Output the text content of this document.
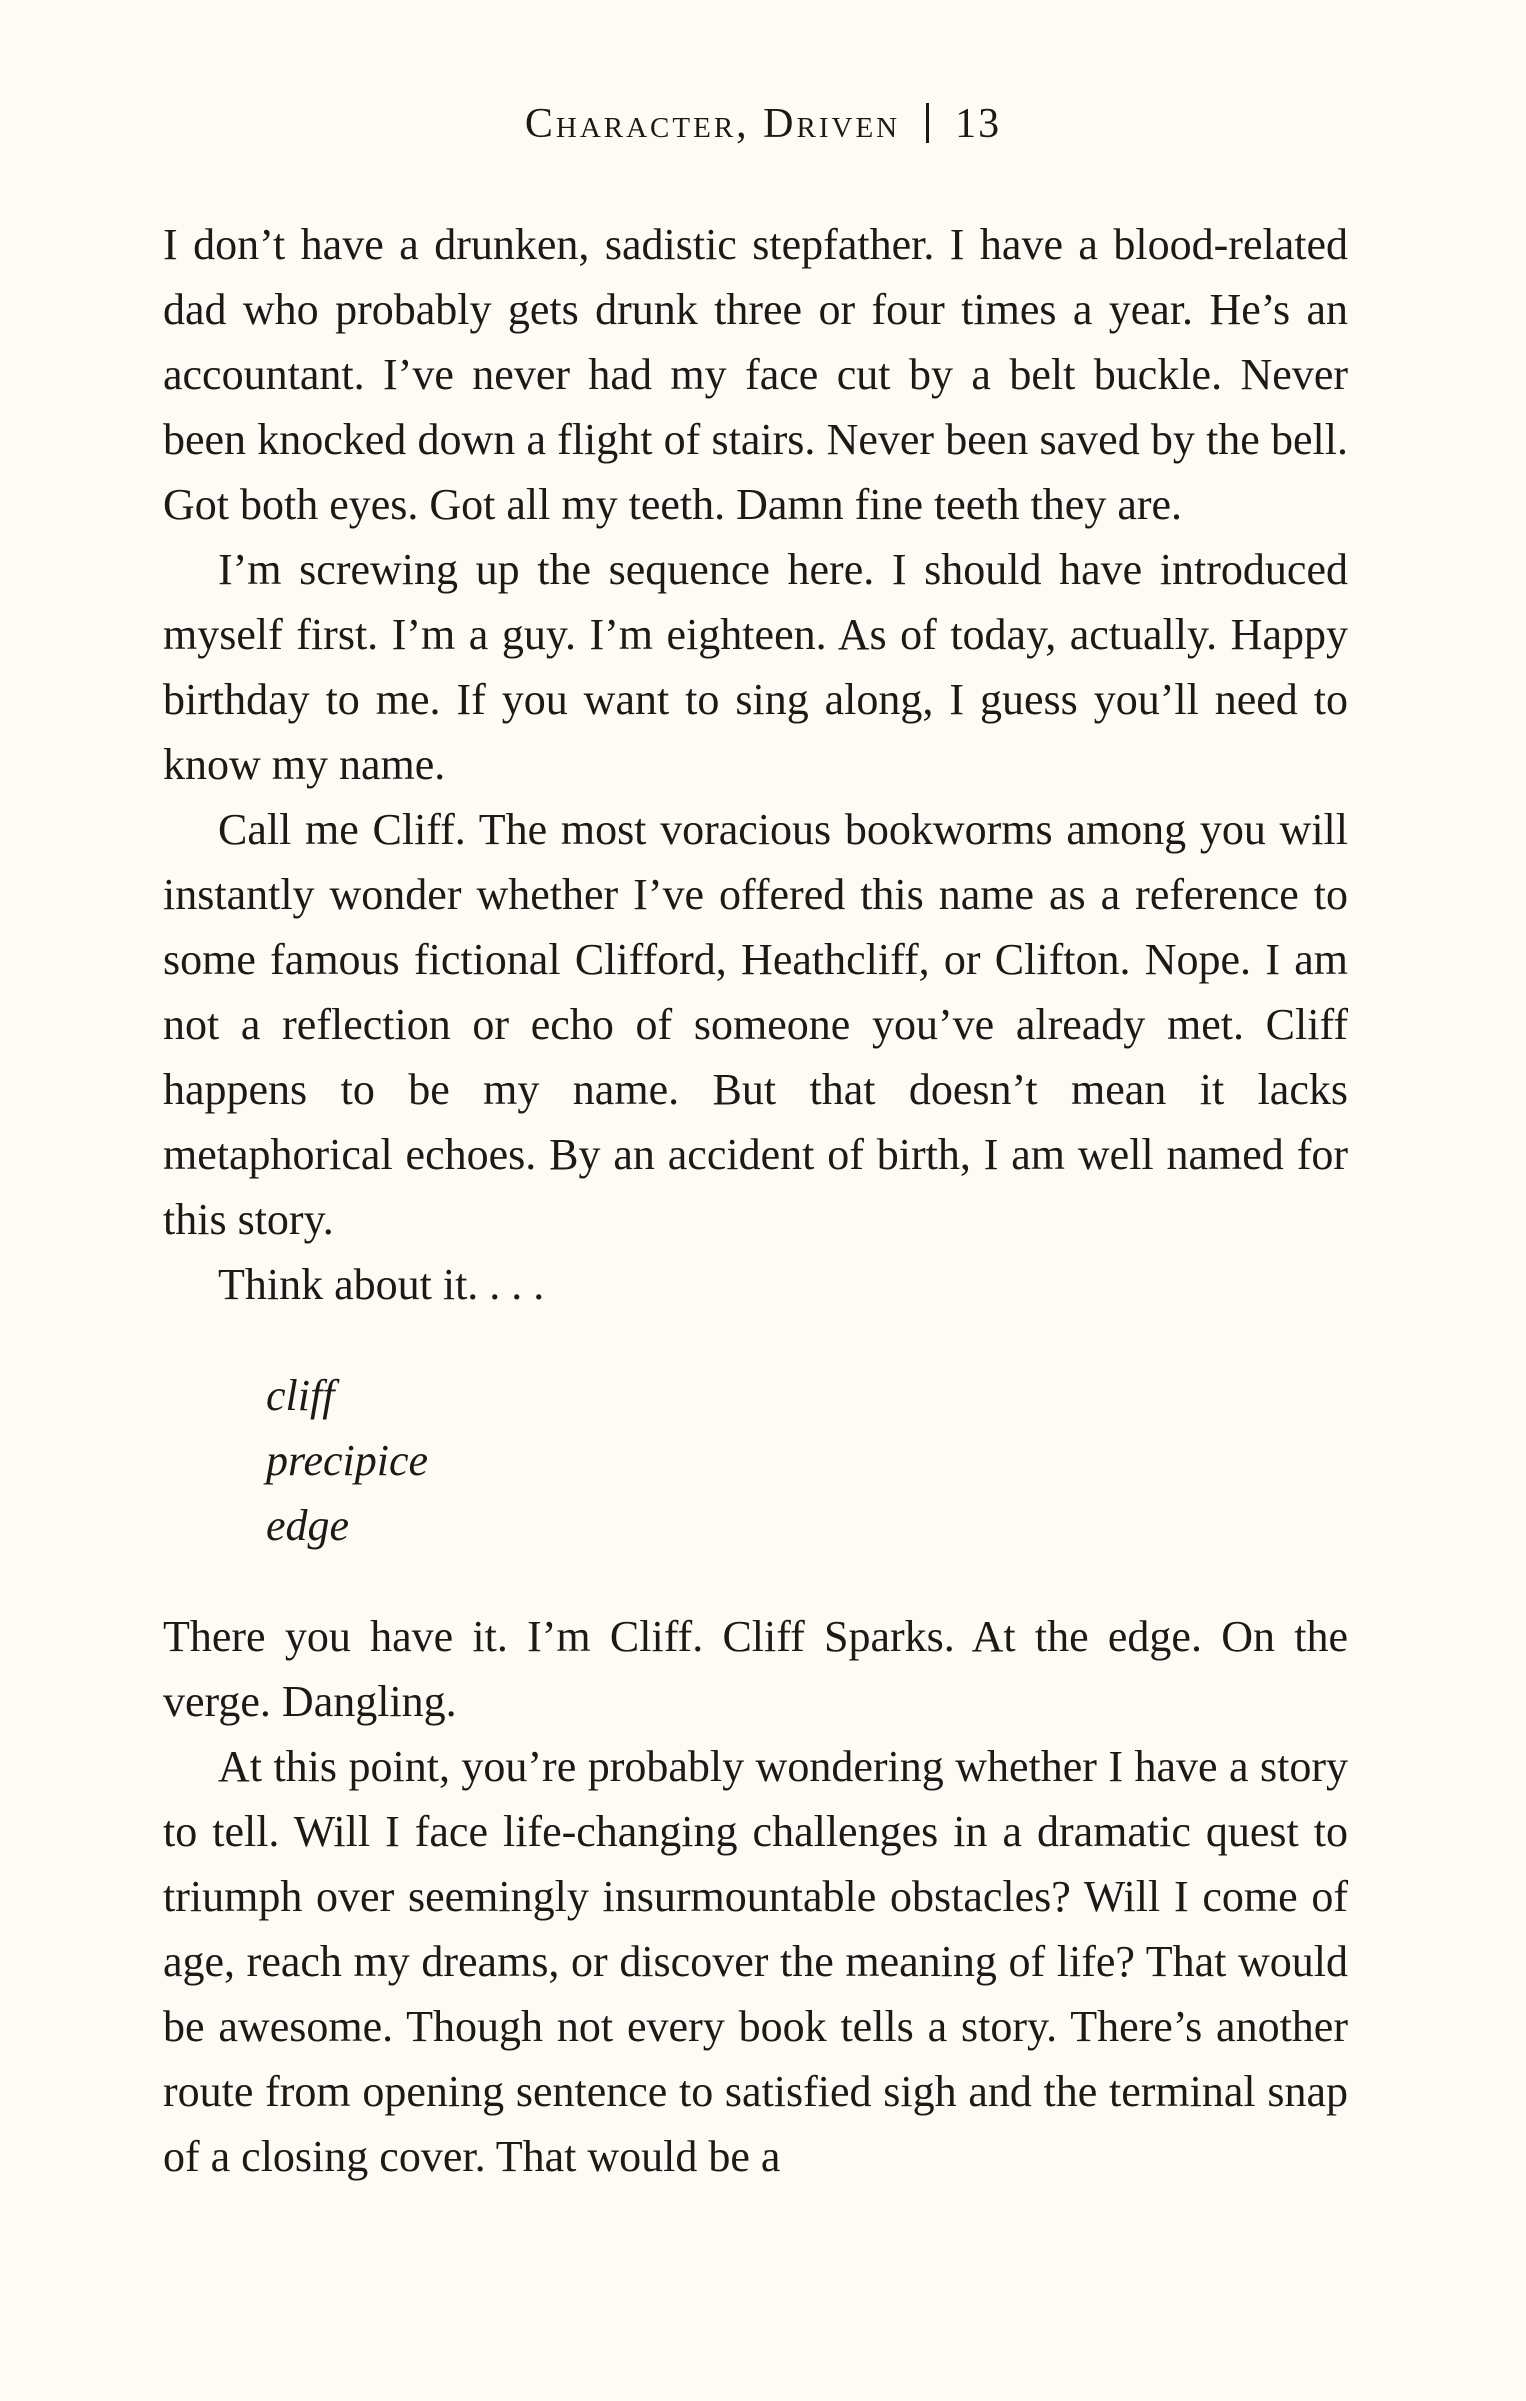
Character, Driven 13

I don’t have a drunken, sadistic stepfather. I have a blood-related dad who probably gets drunk three or four times a year. He’s an accountant. I’ve never had my face cut by a belt buckle. Never been knocked down a flight of stairs. Never been saved by the bell. Got both eyes. Got all my teeth. Damn fine teeth they are.

I’m screwing up the sequence here. I should have introduced myself first. I’m a guy. I’m eighteen. As of today, actually. Happy birthday to me. If you want to sing along, I guess you’ll need to know my name.

Call me Cliff. The most voracious bookworms among you will instantly wonder whether I’ve offered this name as a reference to some famous fictional Clifford, Heathcliff, or Clifton. Nope. I am not a reflection or echo of someone you’ve already met. Cliff happens to be my name. But that doesn’t mean it lacks metaphorical echoes. By an accident of birth, I am well named for this story.

Think about it. . . .

cliff
precipice
edge

There you have it. I’m Cliff. Cliff Sparks. At the edge. On the verge. Dangling.

At this point, you’re probably wondering whether I have a story to tell. Will I face life-changing challenges in a dramatic quest to triumph over seemingly insurmountable obstacles? Will I come of age, reach my dreams, or discover the meaning of life? That would be awesome. Though not every book tells a story. There’s another route from opening sentence to satisfied sigh and the terminal snap of a closing cover. That would be a
